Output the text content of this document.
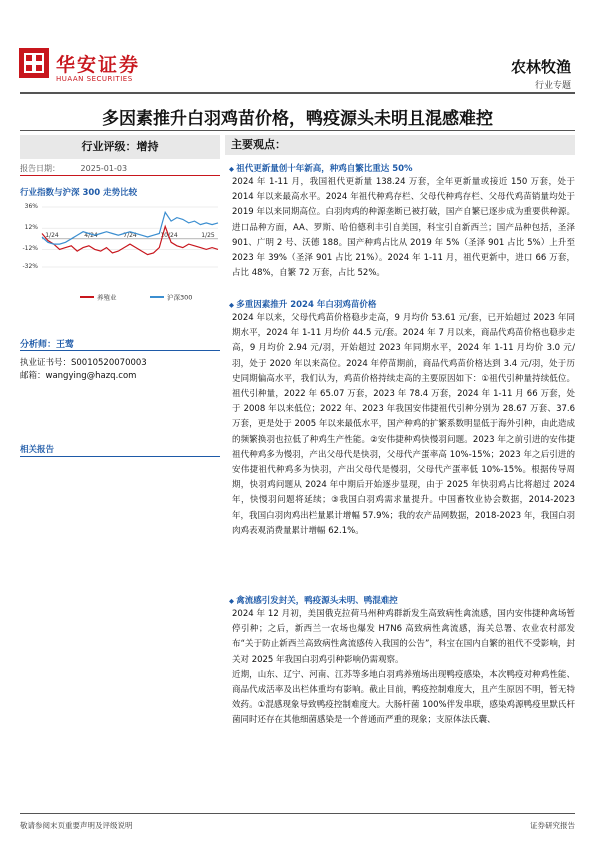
华安证券
HUAAN SECURITIES
农林牧渔
行业专题
多因素推升白羽鸡苗价格，鸭疫源头未明且混感难控
行业评级：增持
报告日期：	2025-01-03
行业指数与沪深 300 走势比较
1/24	4/24	7/24	10/24	1/25
养殖业	沪深300
36%
12%
-12%
-32%
分析师：王莺
执业证书号：S0010520070003
邮箱：wangying@hazq.com
相关报告
主要观点：
◆ 祖代更新量创十年新高，种鸡自繁比重达 50%

2024 年 1-11 月，我国祖代更新量 138.24 万套，全年更新量或接近 150 万套，处于 2014 年以来最高水平。2024 年祖代种鸡存栏、父母代种鸡存栏、父母代鸡苗销量均处于 2019 年以来同期高位。白羽肉鸡的种源垄断已被打破，国产自繁已逐步成为重要供种源。进口品种方面，AA、罗斯、哈伯德利丰引自美国，科宝引自新西兰；国产品种包括，圣泽 901、广明 2 号、沃德 188。国产种鸡占比从 2019 年 5%（圣泽 901 占比 5%）上升至 2023 年 39%（圣泽 901 占比 21%）。2024 年 1-11 月，祖代更新中，进口 66 万套，占比 48%，自繁 72 万套，占比 52%。

◆ 多重因素推升 2024 年白羽鸡苗价格

2024 年以来，父母代鸡苗价格稳步走高，9 月均价 53.61 元/套，已开始超过 2023 年同期水平，2024 年 1-11 月均价 44.5 元/套。2024 年 7 月以来，商品代鸡苗价格也稳步走高，9 月均价 2.94 元/羽，开始超过 2023 年同期水平，2024 年 1-11 月均价 3.0 元/羽，处于 2020 年以来高位。2024 年停苗期前，商品代鸡苗价格达到 3.4 元/羽，处于历史同期偏高水平，我们认为，鸡苗价格持续走高的主要原因如下：①祖代引种量持续低位。祖代引种量，2022 年 65.07 万套，2023 年 78.4 万套，2024 年 1-11 月 66 万套，处于 2008 年以来低位；2022 年、2023 年我国安伟捷祖代引种分别为 28.67 万套、37.6 万套，更是处于 2005 年以来最低水平，国产种鸡的扩繁系数明显低于海外引种，由此造成的频繁换羽也拉低了种鸡生产性能。②安伟捷种鸡快慢羽问题。2023 年之前引进的安伟捷祖代种鸡多为慢羽，产出父母代是快羽，父母代产蛋率高 10%-15%；2023 年之后引进的安伟捷祖代种鸡多为快羽，产出父母代是慢羽，父母代产蛋率低 10%-15%。根据传导周期，快羽鸡问题从 2024 年中期后开始逐步显现，由于 2025 年快羽鸡占比将超过 2024 年，快慢羽问题将延续；③我国白羽鸡需求量提升。中国畜牧业协会数据，2014-2023 年，我国白羽肉鸡出栏量累计增幅 57.9%；我的农产品网数据，2018-2023 年，我国白羽肉鸡表观消费量累计增幅 62.1%。

◆ 禽流感引发封关，鸭疫源头未明、鸭混难控

2024 年 12 月初，美国俄克拉荷马州种鸡群新发生高致病性禽流感，国内安伟捷种禽场暂停引种；之后，新西兰一农场也爆发 H7N6 高致病性禽流感，海关总署、农业农村部发布“关于防止新西兰高致病性禽流感传入我国的公告”，科宝在国内自繁的祖代不受影响，封关对 2025 年我国白羽鸡引种影响仍需观察。

近期，山东、辽宁、河南、江苏等多地白羽鸡养殖场出现鸭疫感染，本次鸭疫对种鸡性能、商品代成活率及出栏体重均有影响。截止目前，鸭疫控制难度大，且产生原因不明，暂无特效药。①混感现象导致鸭疫控制难度大。大肠杆菌 100%伴发串联，感染鸡源鸭疫里默氏杆菌同时还存在其他细菌感染是一个普通而严重的现象；支原体法氏囊、

敬请参阅末页重要声明及评级说明	证券研究报告
